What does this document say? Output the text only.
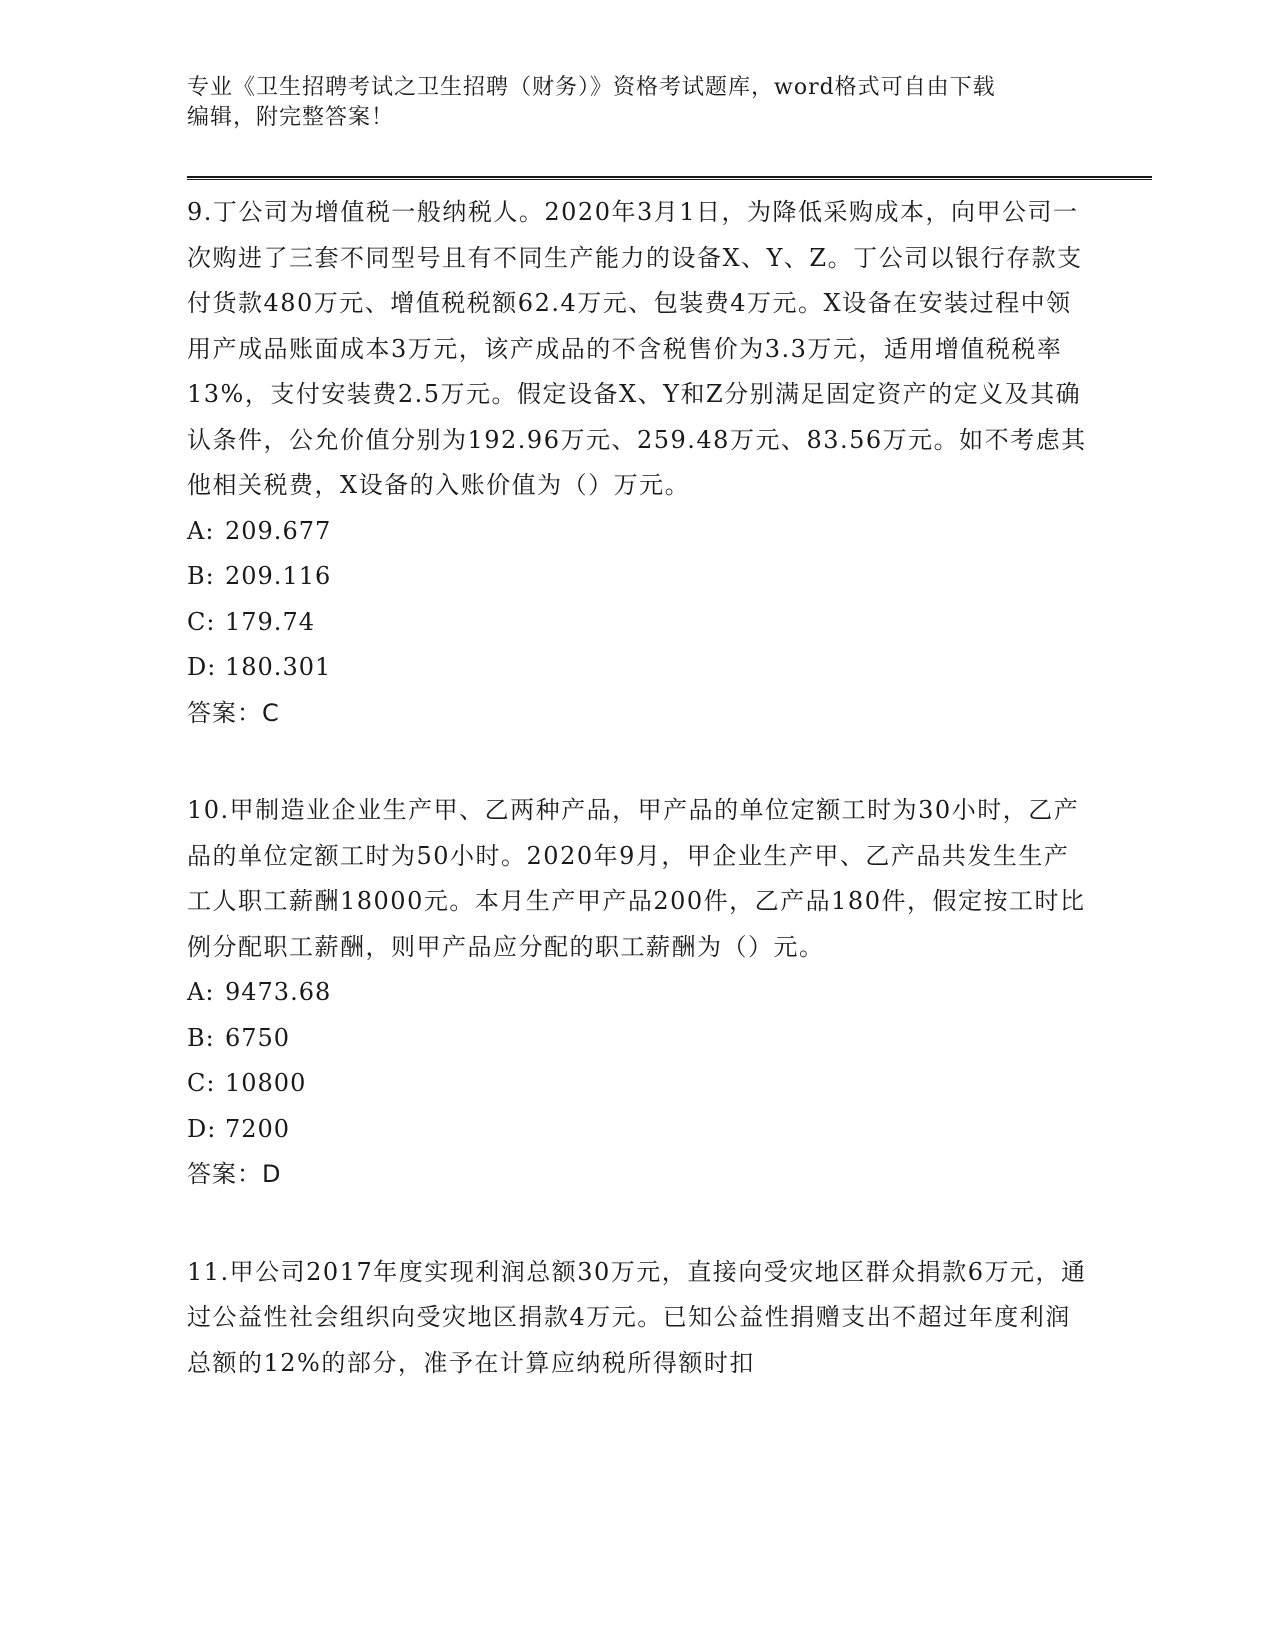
专业《卫生招聘考试之卫生招聘（财务）》资格考试题库，word格式可自由下载
编辑，附完整答案！

9.丁公司为增值税一般纳税人。2020年3月1日，为降低采购成本，向甲公司一次购进了三套不同型号且有不同生产能力的设备X、Y、Z。丁公司以银行存款支付货款480万元、增值税税额62.4万元、包装费4万元。X设备在安装过程中领用产成品账面成本3万元，该产成品的不含税售价为3.3万元，适用增值税税率13%，支付安装费2.5万元。假定设备X、Y和Z分别满足固定资产的定义及其确认条件，公允价值分别为192.96万元、259.48万元、83.56万元。如不考虑其他相关税费，X设备的入账价值为（）万元。

A: 209.677

B: 209.116

C: 179.74

D: 180.301

答案：C

10.甲制造业企业生产甲、乙两种产品，甲产品的单位定额工时为30小时，乙产品的单位定额工时为50小时。2020年9月，甲企业生产甲、乙产品共发生生产工人职工薪酬18000元。本月生产甲产品200件，乙产品180件，假定按工时比例分配职工薪酬，则甲产品应分配的职工薪酬为（）元。

A: 9473.68

B: 6750

C: 10800

D: 7200

答案：D

11.甲公司2017年度实现利润总额30万元，直接向受灾地区群众捐款6万元，通过公益性社会组织向受灾地区捐款4万元。已知公益性捐赠支出不超过年度利润总额的12%的部分，准予在计算应纳税所得额时扣
